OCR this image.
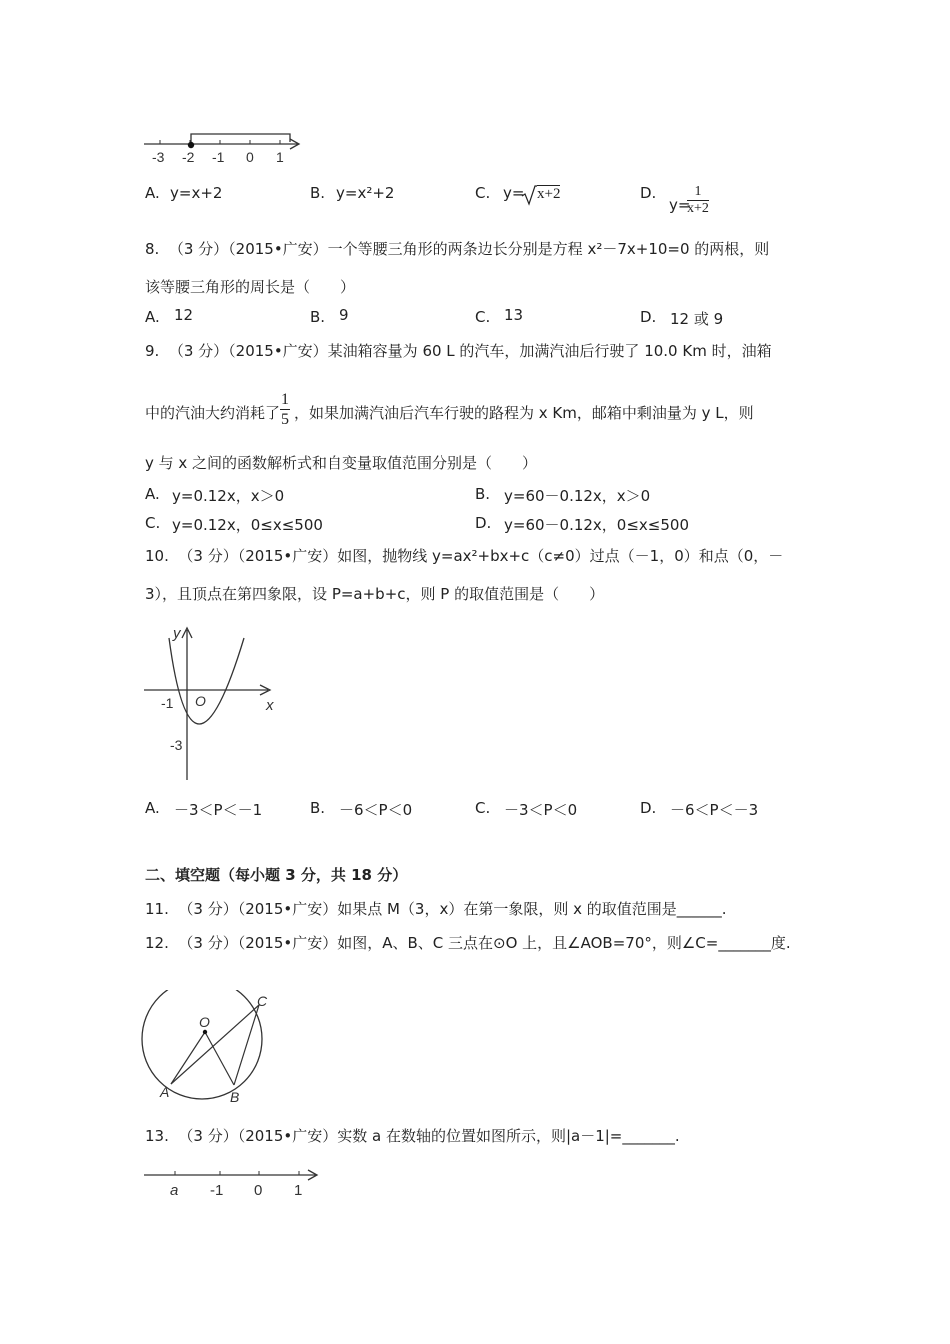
-3 -2 -1 0 1
A. y=x+2	B. y=x²+2	C. y= x+2	D.
y=
$\frac{1}{x+2}$
8.  （3 分）（2015•广安）一个等腰三角形的两条边长分别是方程 x²－7x+10=0 的两根，则
该等腰三角形的周长是（　　）
A. 12	B. 9	C. 13	D. 12 或 9
9.  （3 分）（2015•广安）某油箱容量为 60 L 的汽车，加满汽油后行驶了 10.0 Km 时，油箱
中的汽油大约消耗了 $\frac{1}{5}$ ，如果加满汽油后汽车行驶的路程为 x Km，邮箱中剩油量为 y L，则
y 与 x 之间的函数解析式和自变量取值范围分别是（　　）
A. y=0.12x，x＞0	B. y=60－0.12x，x＞0
C. y=0.12x，0≤x≤500	D. y=60－0.12x，0≤x≤500
10.  （3 分）（2015•广安）如图，抛物线 y=ax²+bx+c（c≠0）过点（－1，0）和点（0，－
3），且顶点在第四象限，设 P=a+b+c，则 P 的取值范围是（　　）
y
x
O
-1
-3
A. －3＜P＜－1	B. －6＜P＜0	C. －3＜P＜0	D. －6＜P＜－3
二、填空题（每小题 3 分，共 18 分）
11.  （3 分）（2015•广安）如果点 M（3，x）在第一象限，则 x 的取值范围是______.
12.  （3 分）（2015•广安）如图，A、B、C 三点在⊙O 上，且∠AOB=70°，则∠C=_______度.
O
A	B
C
13.  （3 分）（2015•广安）实数 a 在数轴的位置如图所示，则|a－1|=_______.
a -1 0 1
